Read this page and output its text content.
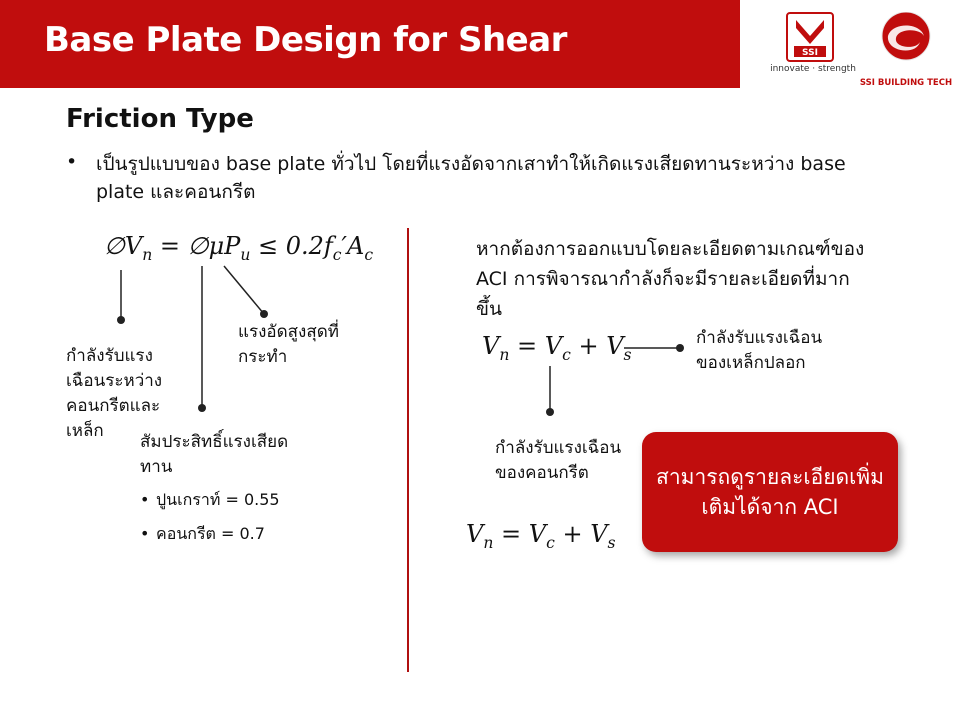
Base Plate Design for Shear	SSI
innovate · strength
SSI BUILDING TECH
Friction Type
• เป็นรูปแบบของ base plate ทั่วไป โดยที่แรงอัดจากเสาทำให้เกิดแรงเสียดทานระหว่าง base plate และคอนกรีต
$\emptyset V_n$ = $\emptyset\mu P_u \le 0.2f_c'A_c$
กำลังรับแรงเฉือนระหว่างคอนกรีตและเหล็ก
แรงอัดสูงสุดที่กระทำ
สัมประสิทธิ์แรงเสียดทาน
• ปูนเกราท์ = 0.55
• คอนกรีต = 0.7
หากต้องการออกแบบโดยละเอียดตามเกณฑ์ของ ACI การพิจารณากำลังก็จะมีรายละเอียดที่มากขึ้น
$V_n = V_c + V_s$
กำลังรับแรงเฉือนของเหล็กปลอก
กำลังรับแรงเฉือนของคอนกรีต
$V_n = V_c + V_s$
สามารถดูรายละเอียดเพิ่มเติมได้จาก ACI
